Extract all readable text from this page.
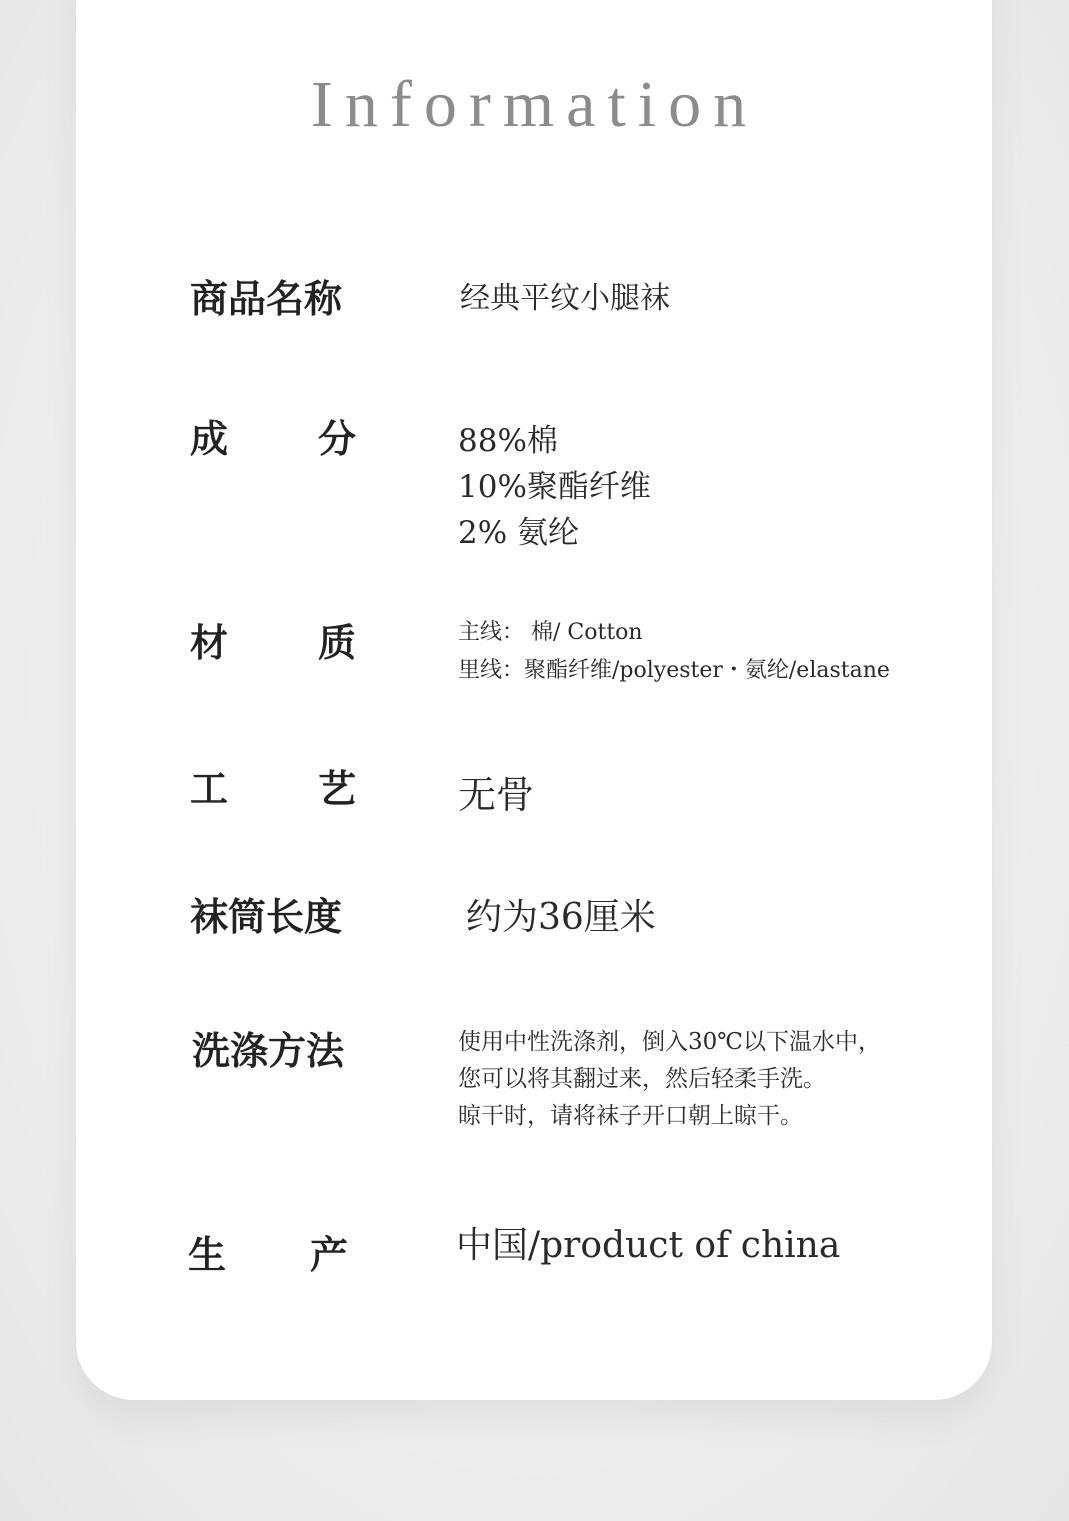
Information
商品名称	经典平纹小腿袜
成 分	88%棉
10%聚酯纤维
2% 氨纶
材 质	主线： 棉/ Cotton
里线：聚酯纤维/polyester・氨纶/elastane
工 艺	无骨
袜筒长度	约为36厘米
洗涤方法	使用中性洗涤剂，倒入30℃以下温水中，
您可以将其翻过来，然后轻柔手洗。
晾干时，请将袜子开口朝上晾干。
生 产	中国/product of china
